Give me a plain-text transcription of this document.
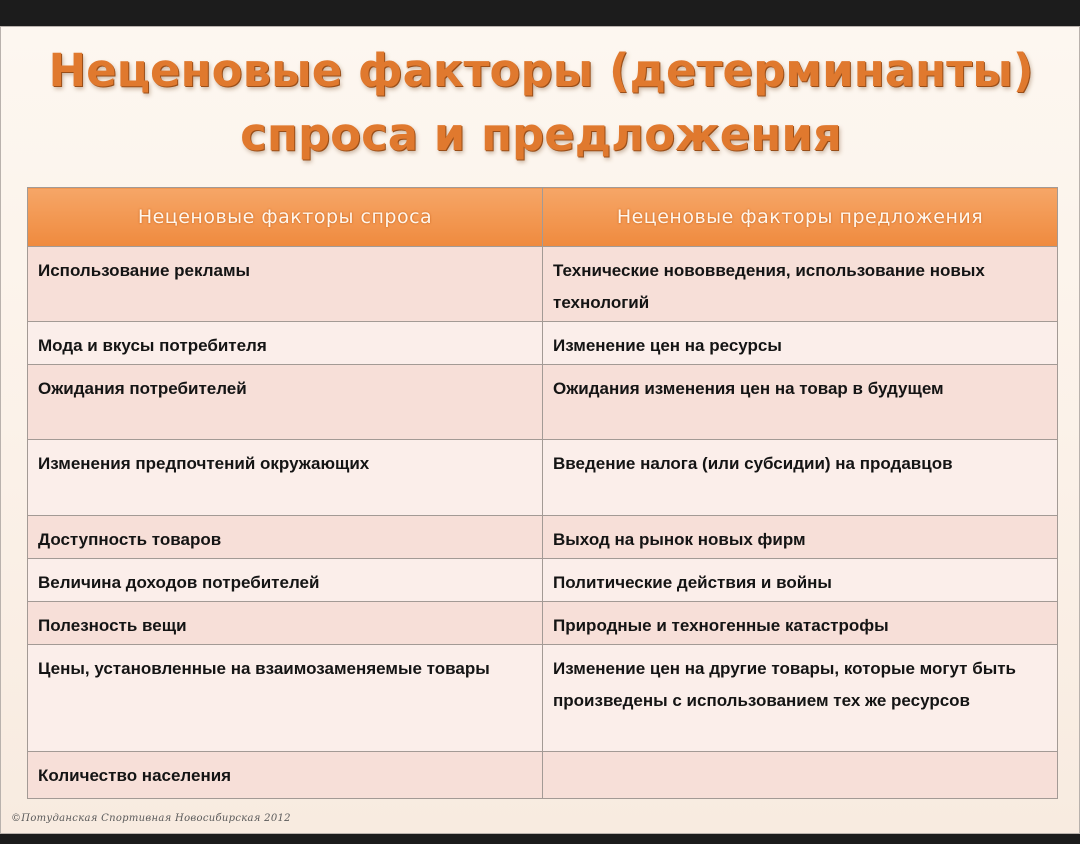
Неценовые факторы (детерминанты)
спроса и предложения
Неценовые факторы спроса	Неценовые факторы предложения
Использование рекламы	Технические нововведения, использование новых технологий
Мода и вкусы потребителя	Изменение цен на ресурсы
Ожидания потребителей	Ожидания изменения цен на товар в будущем
Изменения предпочтений окружающих	Введение налога (или субсидии) на продавцов
Доступность товаров	Выход на рынок новых фирм
Величина доходов потребителей	Политические действия и войны
Полезность вещи	Природные и техногенные катастрофы
Цены, установленные на взаимозаменяемые товары	Изменение цен на другие товары, которые могут быть произведены с использованием тех же ресурсов
Количество населения	
©Потуданская Спортивная Новосибирская 2012
